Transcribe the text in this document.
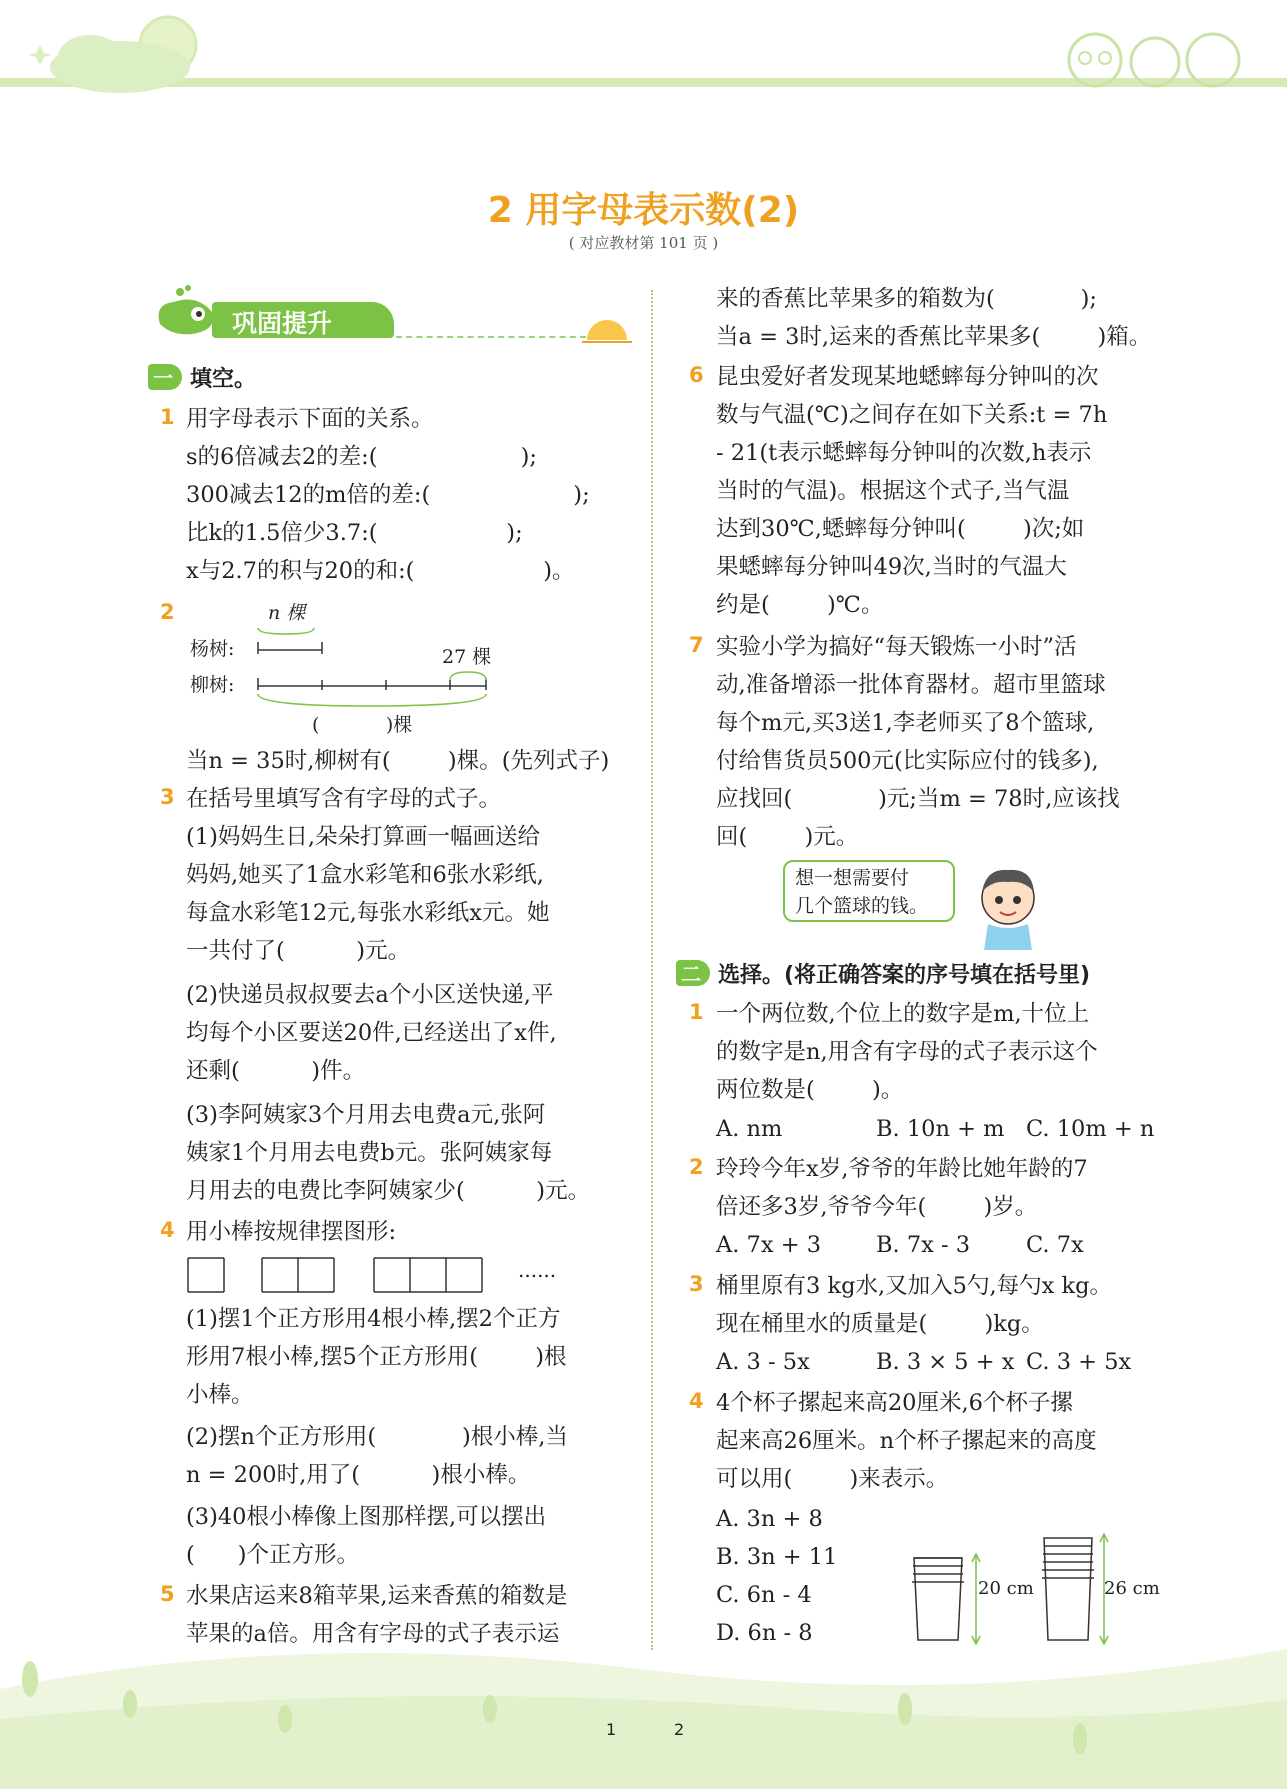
2 用字母表示数(2)
( 对应教材第 101 页 )
巩固提升
一 填空。
1 用字母表示下面的关系。
s的6倍减去2的差:(                    );
300减去12的m倍的差:(                    );
比k的1.5倍少3.7:(                  );
x与2.7的积与20的和:(                  )。
2	n 棵
27 棵
杨树:
柳树:
(           )棵
当n = 35时,柳树有(        )棵。(先列式子)
3 在括号里填写含有字母的式子。
(1)妈妈生日,朵朵打算画一幅画送给
妈妈,她买了1盒水彩笔和6张水彩纸,
每盒水彩笔12元,每张水彩纸x元。她
一共付了(          )元。
(2)快递员叔叔要去a个小区送快递,平
均每个小区要送20件,已经送出了x件,
还剩(          )件。
(3)李阿姨家3个月用去电费a元,张阿
姨家1个月用去电费b元。张阿姨家每
月用去的电费比李阿姨家少(          )元。
4 用小棒按规律摆图形:
......
(1)摆1个正方形用4根小棒,摆2个正方
形用7根小棒,摆5个正方形用(        )根
小棒。
(2)摆n个正方形用(            )根小棒,当
n = 200时,用了(          )根小棒。
(3)40根小棒像上图那样摆,可以摆出
(      )个正方形。
5 水果店运来8箱苹果,运来香蕉的箱数是
苹果的a倍。用含有字母的式子表示运
来的香蕉比苹果多的箱数为(            );
当a = 3时,运来的香蕉比苹果多(        )箱。
6 昆虫爱好者发现某地蟋蟀每分钟叫的次
数与气温(℃)之间存在如下关系:t = 7h
- 21(t表示蟋蟀每分钟叫的次数,h表示
当时的气温)。根据这个式子,当气温
达到30℃,蟋蟀每分钟叫(        )次;如
果蟋蟀每分钟叫49次,当时的气温大
约是(        )℃。
7 实验小学为搞好“每天锻炼一小时”活
动,准备增添一批体育器材。超市里篮球
每个m元,买3送1,李老师买了8个篮球,
付给售货员500元(比实际应付的钱多),
应找回(            )元;当m = 78时,应该找
回(        )元。
想一想需要付
几个篮球的钱。
二 选择。(将正确答案的序号填在括号里)
1 一个两位数,个位上的数字是m,十位上
的数字是n,用含有字母的式子表示这个
两位数是(        )。
A. nm	B. 10n + m C. 10m + n
2 玲玲今年x岁,爷爷的年龄比她年龄的7
倍还多3岁,爷爷今年(        )岁。
A. 7x + 3 B. 7x - 3 C. 7x
3 桶里原有3 kg水,又加入5勺,每勺x kg。
现在桶里水的质量是(        )kg。
A. 3 - 5x	B. 3 × 5 + x C. 3 + 5x
4 4个杯子摞起来高20厘米,6个杯子摞
起来高26厘米。n个杯子摞起来的高度
可以用(        )来表示。
A. 3n + 8
B. 3n + 11
C. 6n - 4
D. 6n - 8
20 cm	26 cm
1	2
